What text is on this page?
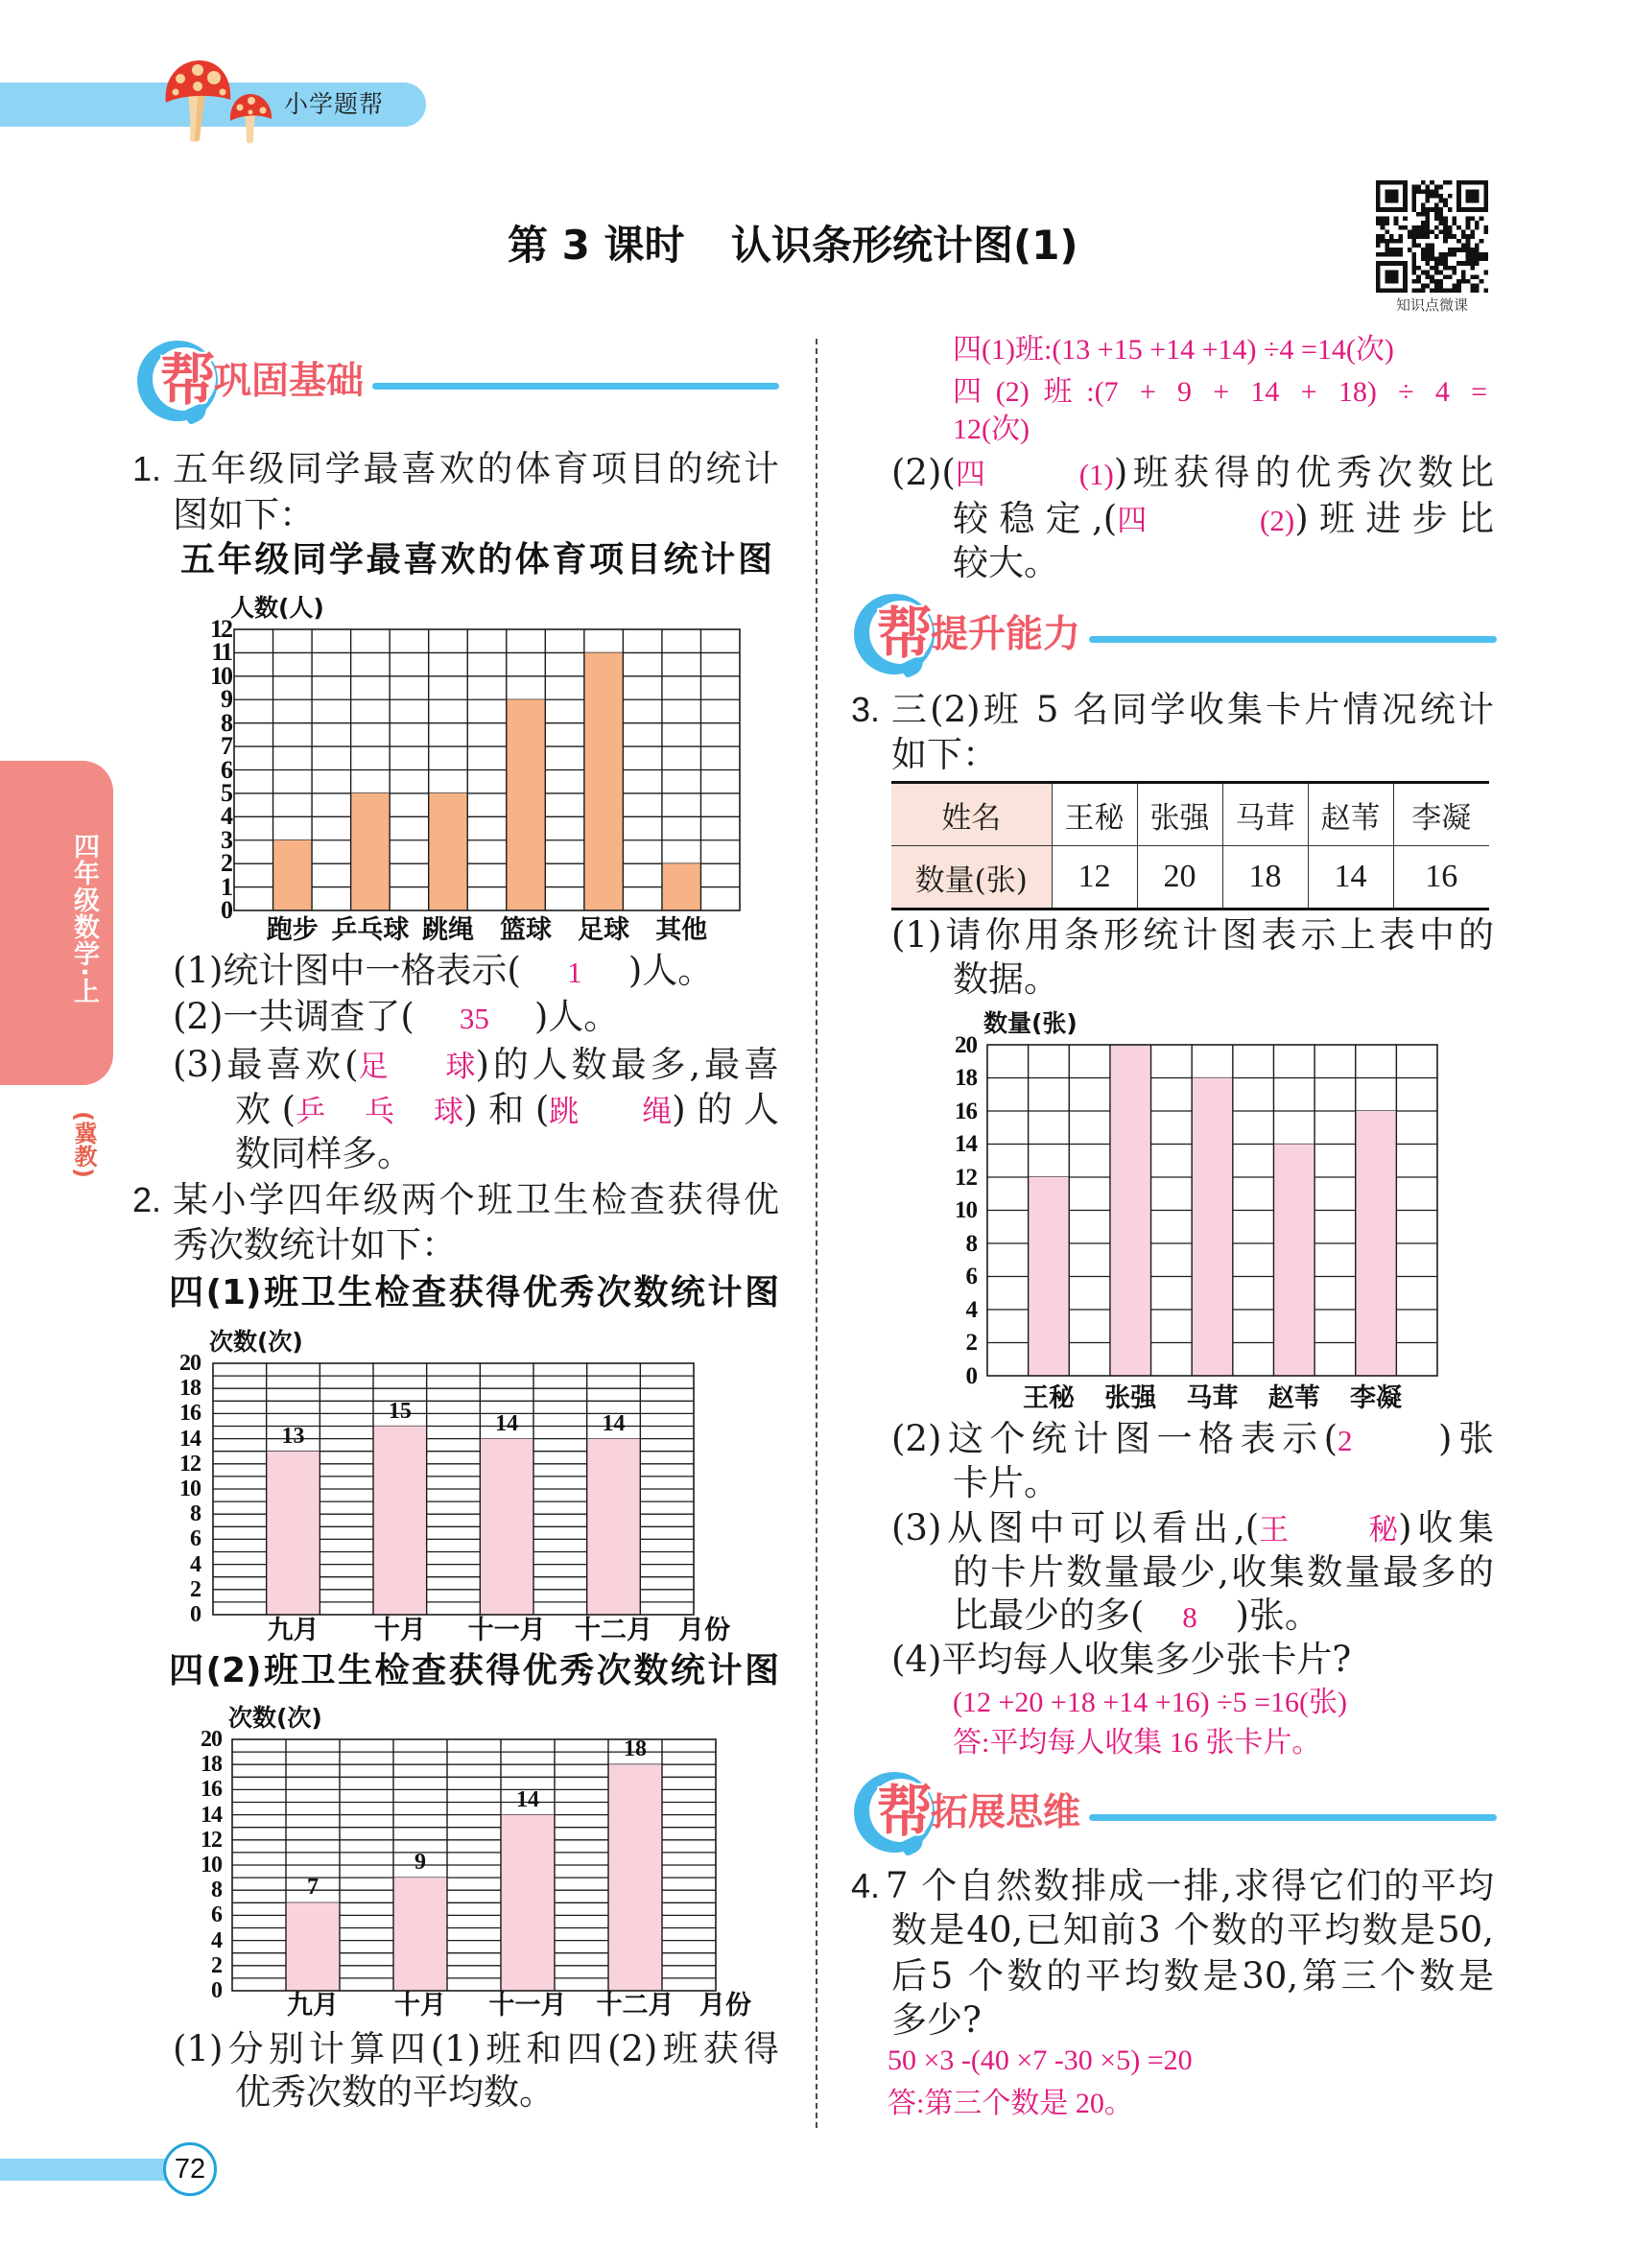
小学题帮
第 3 课时 认识条形统计图(1)
知识点微课
四年级数学·上
(冀教)
帮
巩固基础
1. 五年级同学最喜欢的体育项目的统计
图如下：
五年级同学最喜欢的体育项目统计图
0
1
2
3
4
5
6
7
8
9
10
11
12
人数(人)
跑步 乒乓球 跳绳	篮球	足球	其他
(1)统计图中一格表示( 1 )人。
(2)一共调查了( 35 )人。
(3)最喜欢(足球)的人数最多,最喜
欢(乒乓球)和(跳绳)的人
数同样多。
2. 某小学四年级两个班卫生检查获得优
秀次数统计如下：
四(1)班卫生检查获得优秀次数统计图
0
2
4
6
8
10
12
14
16
18
20
次数(次)
九月
13
十月
15
十一月
14
十二月
14
月份
四(2)班卫生检查获得优秀次数统计图
0
2
4
6
8
10
12
14
16
18
20
次数(次)
九月
7
十月
9
十一月
14
十二月
18
月份
(1)分别计算四(1)班和四(2)班获得
优秀次数的平均数。
四(1)班:(13 +15 +14 +14) ÷4 =14(次)
四(2)班:(7 + 9 + 14 + 18) ÷ 4 =
12(次)
(2)(四(1))班获得的优秀次数比
较稳定,(四(2))班进步比
较大。
帮
提升能力
3. 三(2)班 5 名同学收集卡片情况统计
如下：
姓名	王秘	张强	马茸	赵苇	李凝
数量(张)	12	20	18	14	16
(1)请你用条形统计图表示上表中的
数据。
0
2
4
6
8
10
12
14
16
18
20
数量(张)
王秘	张强	马茸	赵苇	李凝
(2)这个统计图一格表示(2 )张
卡片。
(3)从图中可以看出,(王秘)收集
的卡片数量最少,收集数量最多的
比最少的多( 8 )张。
(4)平均每人收集多少张卡片?
(12 +20 +18 +14 +16) ÷5 =16(张)
答:平均每人收集 16 张卡片。
帮
拓展思维
4. 7 个自然数排成一排,求得它们的平均
数是40,已知前3 个数的平均数是50,
后5 个数的平均数是30,第三个数是
多少?
50 ×3 -(40 ×7 -30 ×5) =20
答:第三个数是 20。
72
